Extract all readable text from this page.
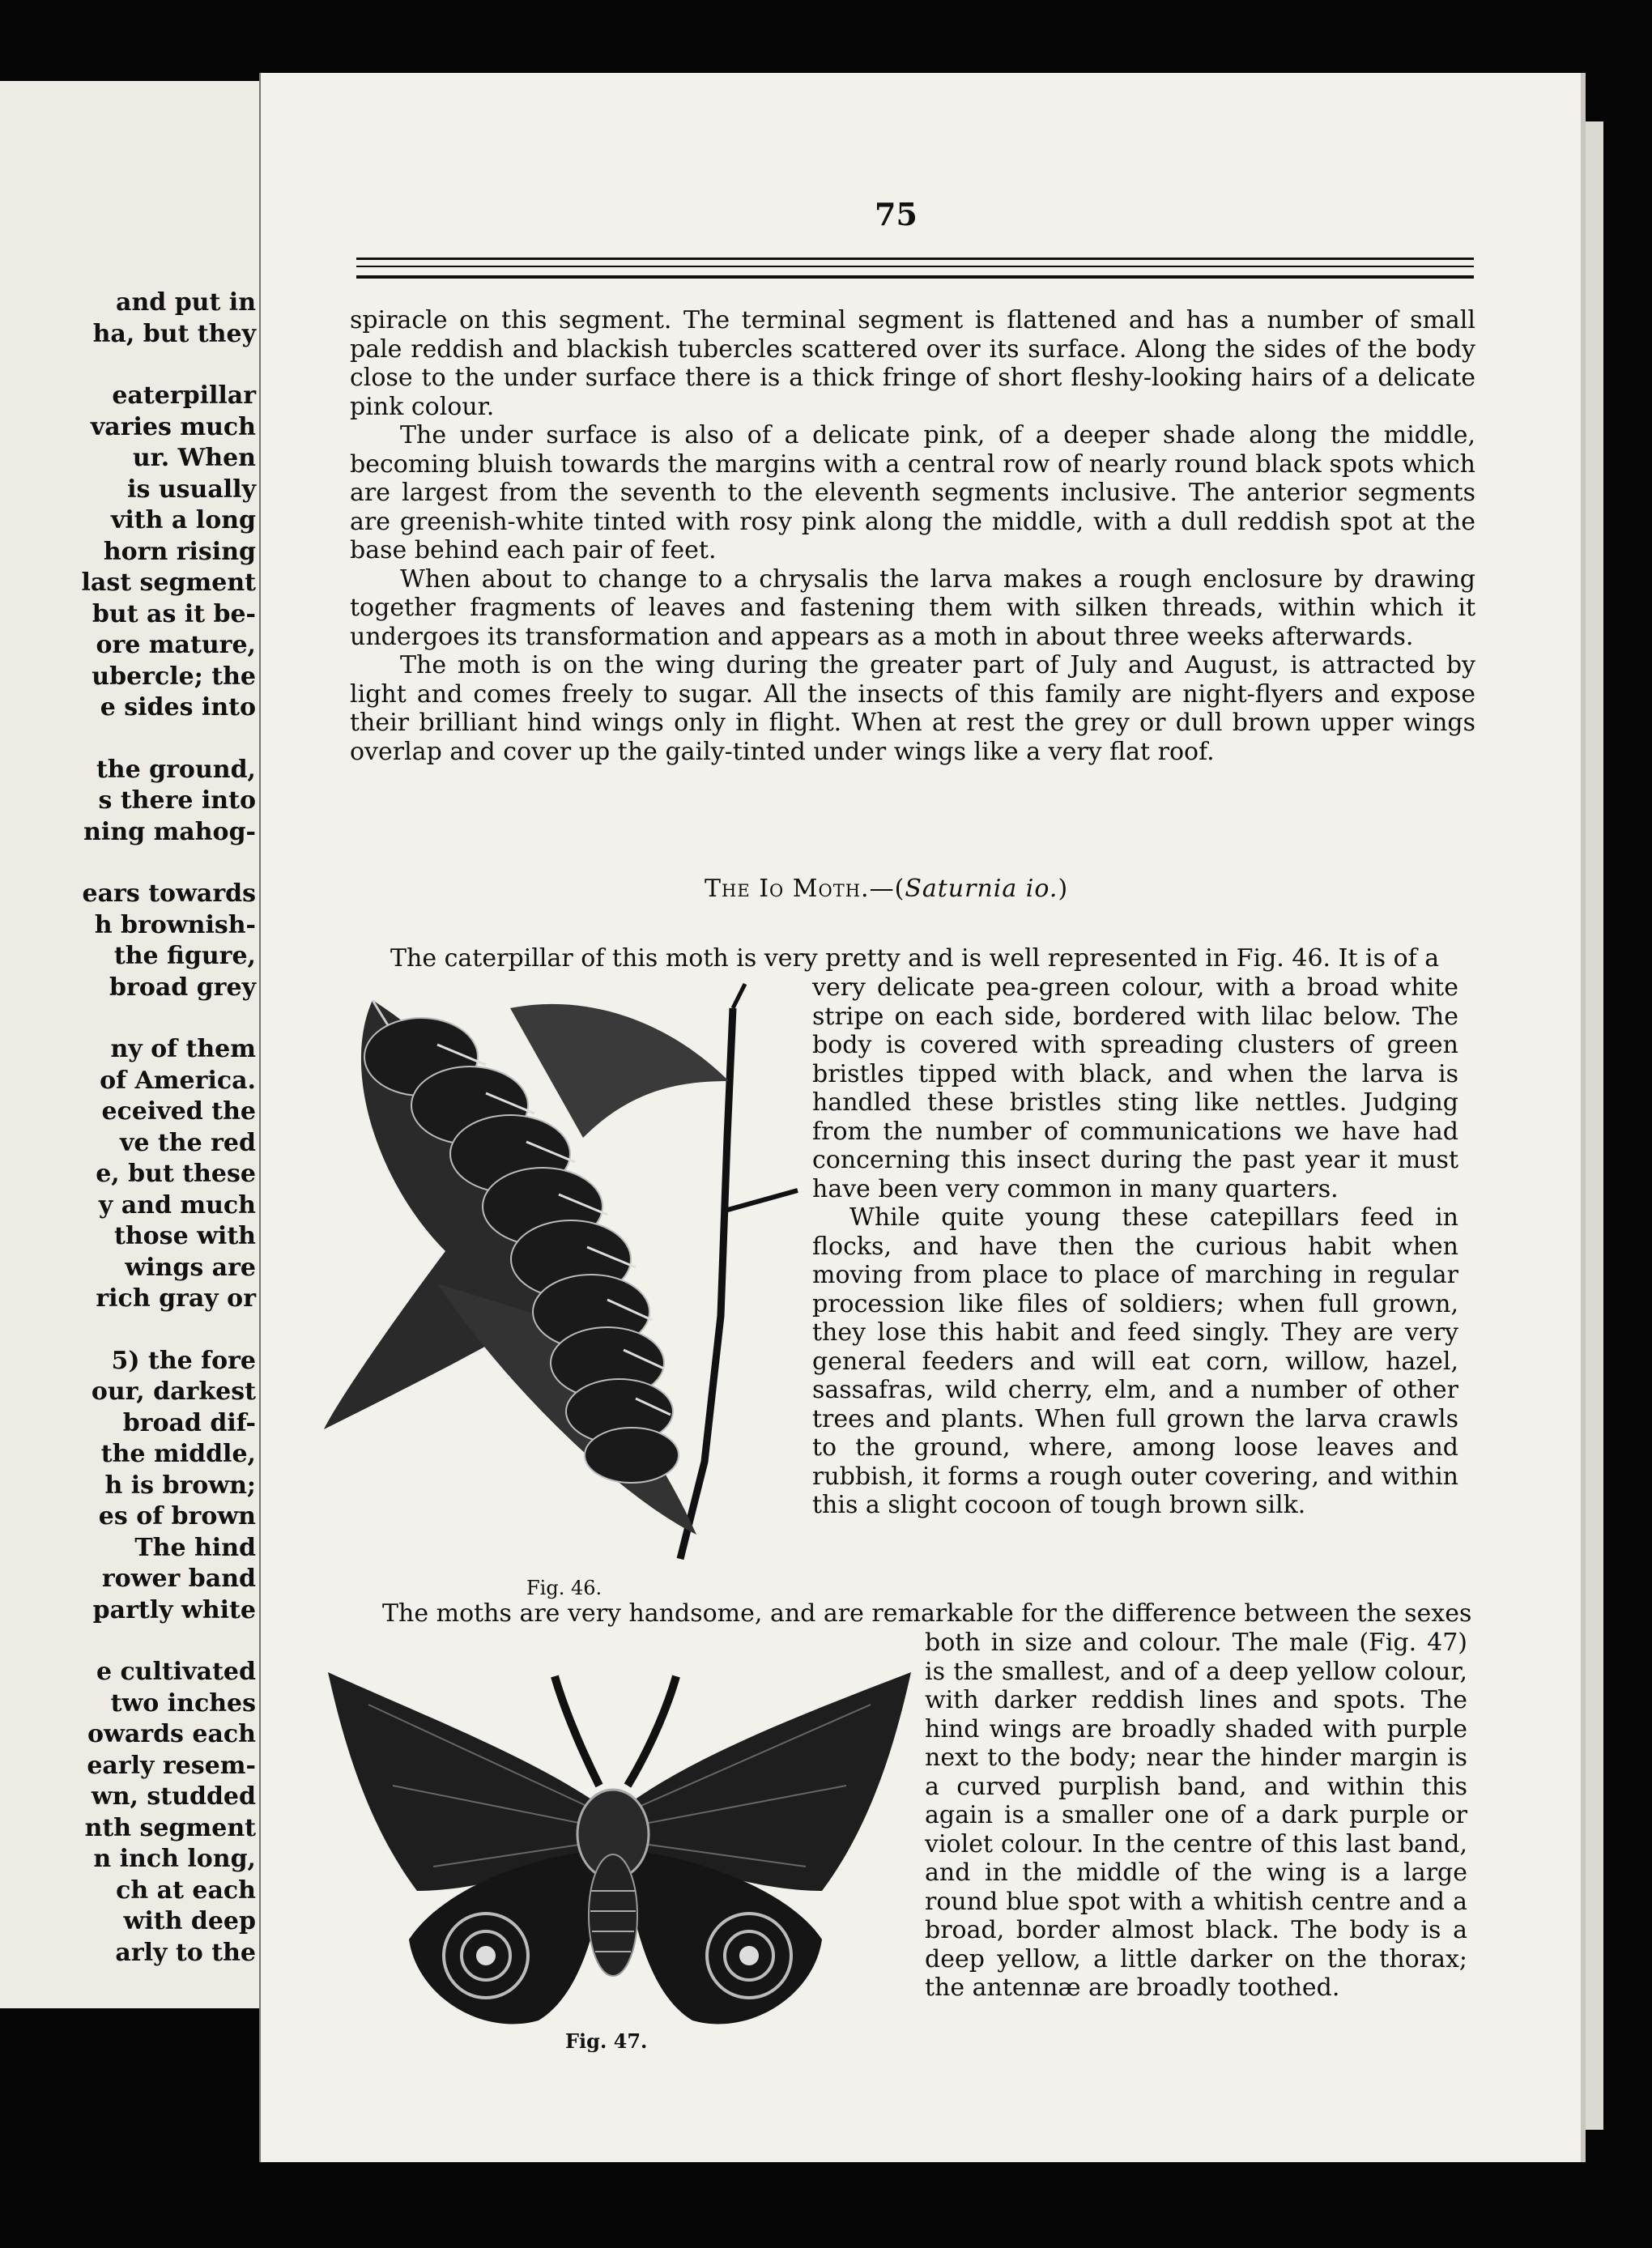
and put in
ha, but they
eaterpillar
varies much
ur. When
is usually
vith a long
horn rising
last segment
but as it be-
ore mature,
ubercle; the
e sides into
the ground,
s there into
ning mahog-
ears towards
h brownish-
the figure,
broad grey
ny of them
of America.
eceived the
ve the red
e, but these
y and much
those with
wings are
rich gray or
5) the fore
our, darkest
broad dif-
the middle,
h is brown;
es of brown
The hind
rower band
partly white
e cultivated
two inches
owards each
early resem-
wn, studded
nth segment
n inch long,
ch at each
with deep
arly to the
75

spiracle on this segment. The terminal segment is flattened and has a number of small pale reddish and blackish tubercles scattered over its surface. Along the sides of the body close to the under surface there is a thick fringe of short fleshy-looking hairs of a delicate pink colour.

The under surface is also of a delicate pink, of a deeper shade along the middle, becoming bluish towards the margins with a central row of nearly round black spots which are largest from the seventh to the eleventh segments inclusive. The anterior segments are greenish-white tinted with rosy pink along the middle, with a dull reddish spot at the base behind each pair of feet.

When about to change to a chrysalis the larva makes a rough enclosure by drawing together fragments of leaves and fastening them with silken threads, within which it undergoes its transformation and appears as a moth in about three weeks afterwards.

The moth is on the wing during the greater part of July and August, is attracted by light and comes freely to sugar. All the insects of this family are night-flyers and expose their brilliant hind wings only in flight. When at rest the grey or dull brown upper wings overlap and cover up the gaily-tinted under wings like a very flat roof.

The Io Moth.—(Saturnia io.)
The caterpillar of this moth is very pretty and is well represented in Fig. 46. It is of a
Fig. 46.

very delicate pea-green colour, with a broad white stripe on each side, bordered with lilac below. The body is covered with spreading clusters of green bristles tipped with black, and when the larva is handled these bristles sting like nettles. Judging from the number of communications we have had concerning this insect during the past year it must have been very common in many quarters.

While quite young these catepillars feed in flocks, and have then the curious habit when moving from place to place of marching in regular procession like files of soldiers; when full grown, they lose this habit and feed singly. They are very general feeders and will eat corn, willow, hazel, sassafras, wild cherry, elm, and a number of other trees and plants. When full grown the larva crawls to the ground, where, among loose leaves and rubbish, it forms a rough outer covering, and within this a slight cocoon of tough brown silk.

The moths are very handsome, and are remarkable for the difference between the sexes
Fig. 47.
both in size and colour. The male (Fig. 47) is the smallest, and of a deep yellow colour, with darker reddish lines and spots. The hind wings are broadly shaded with purple next to the body; near the hinder margin is a curved purplish band, and within this again is a smaller one of a dark purple or violet colour. In the centre of this last band, and in the middle of the wing is a large round blue spot with a whitish centre and a broad, border almost black. The body is a deep yellow, a little darker on the thorax; the antennæ are broadly toothed.
